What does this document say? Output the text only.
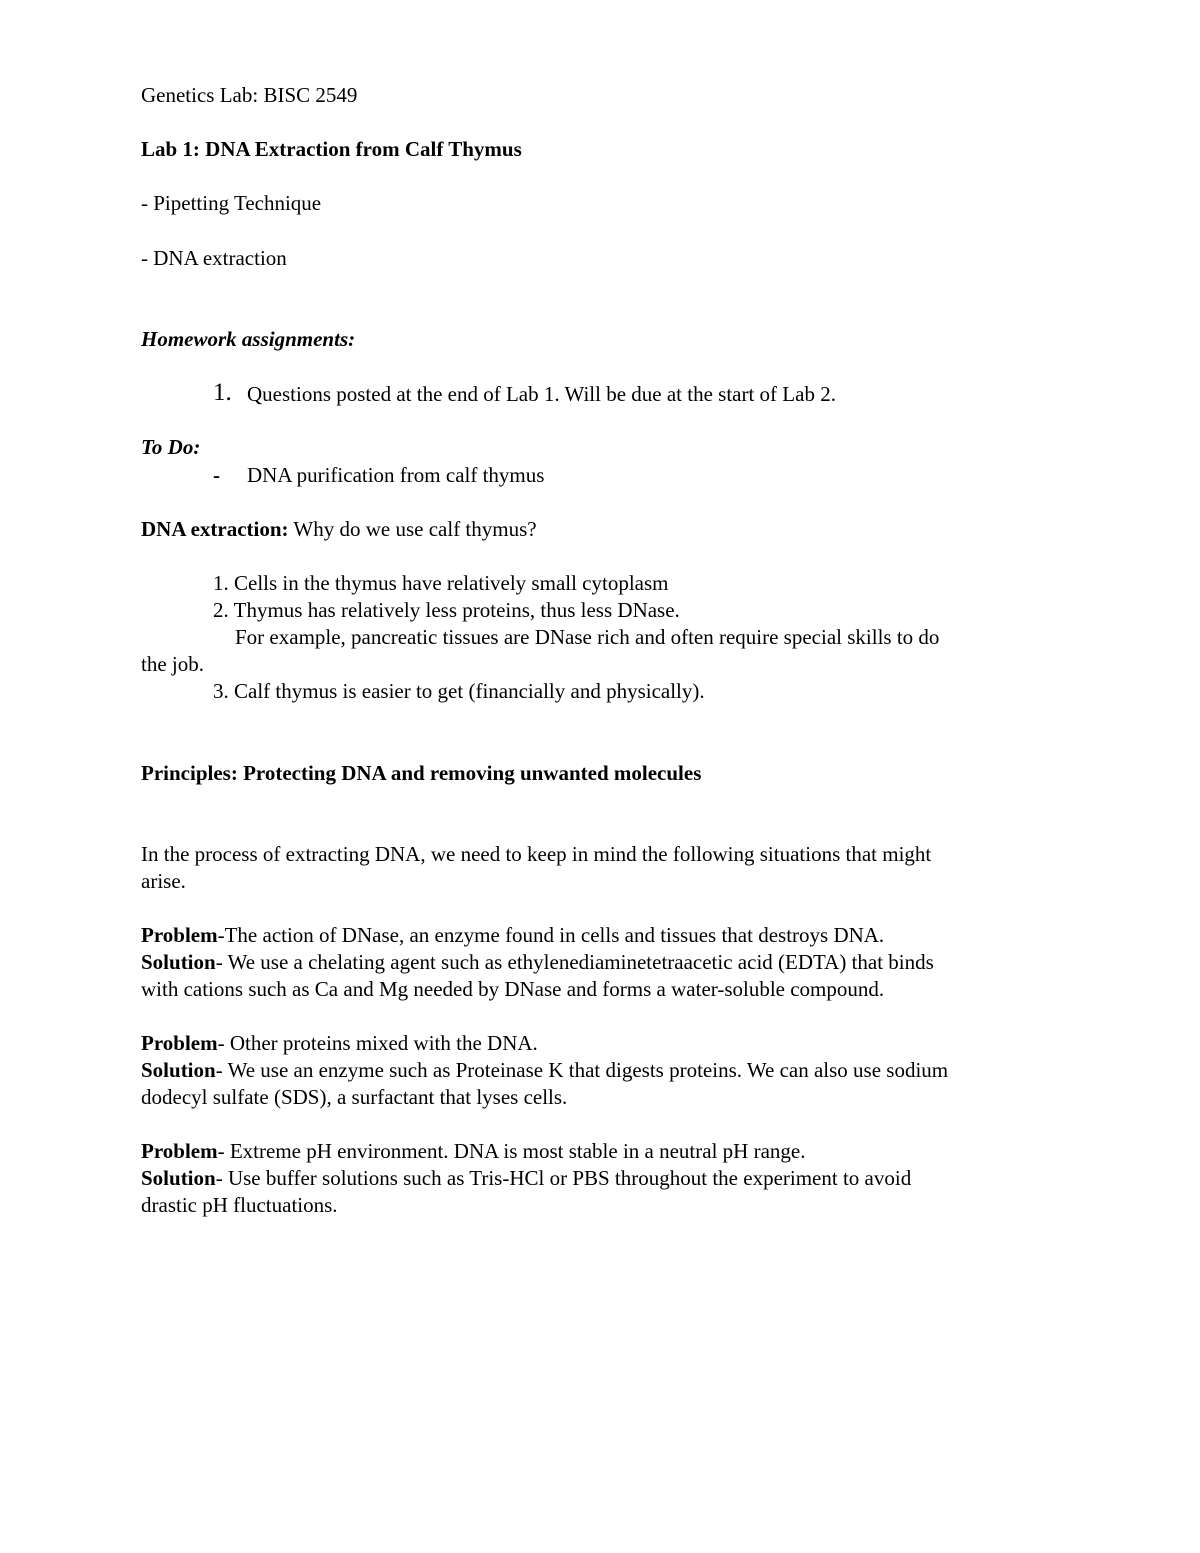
Genetics Lab: BISC 2549
Lab 1: DNA Extraction from Calf Thymus
- Pipetting Technique
- DNA extraction
Homework assignments:
1. Questions posted at the end of Lab 1. Will be due at the start of Lab 2.
To Do:
- DNA purification from calf thymus
DNA extraction: Why do we use calf thymus?
1. Cells in the thymus have relatively small cytoplasm
2. Thymus has relatively less proteins, thus less DNase.
For example, pancreatic tissues are DNase rich and often require special skills to do
the job.
3. Calf thymus is easier to get (financially and physically).
Principles: Protecting DNA and removing unwanted molecules
In the process of extracting DNA, we need to keep in mind the following situations that might
arise.
Problem-The action of DNase, an enzyme found in cells and tissues that destroys DNA.
Solution- We use a chelating agent such as ethylenediaminetetraacetic acid (EDTA) that binds
with cations such as Ca and Mg needed by DNase and forms a water-soluble compound.
Problem- Other proteins mixed with the DNA.
Solution- We use an enzyme such as Proteinase K that digests proteins. We can also use sodium
dodecyl sulfate (SDS), a surfactant that lyses cells.
Problem- Extreme pH environment. DNA is most stable in a neutral pH range.
Solution- Use buffer solutions such as Tris-HCl or PBS throughout the experiment to avoid
drastic pH fluctuations.
